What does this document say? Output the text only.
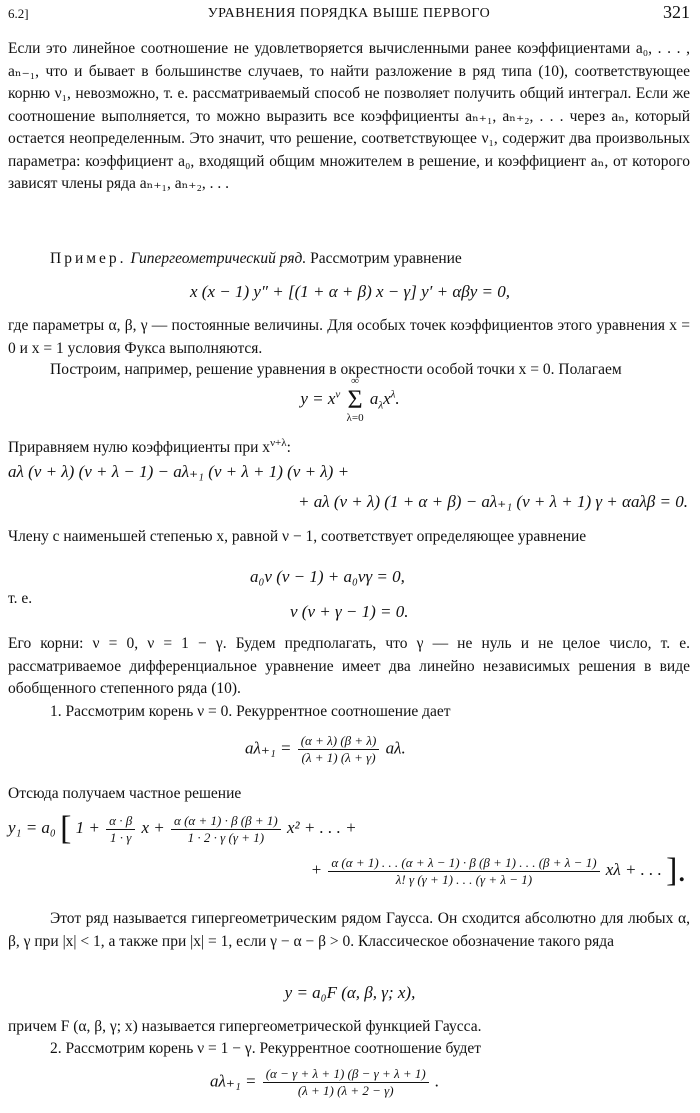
6.2]	УРАВНЕНИЯ ПОРЯДКА ВЫШЕ ПЕРВОГО	321
Если это линейное соотношение не удовлетворяется вычисленными ранее коэффициентами a₀, . . . , aₙ₋₁, что и бывает в большинстве случаев, то найти разложение в ряд типа (10), соответствующее корню ν₁, невозможно, т. е. рассматриваемый способ не позволяет получить общий интеграл. Если же соотношение выполняется, то можно выразить все коэффициенты aₙ₊₁, aₙ₊₂, . . . через aₙ, который остается неопределенным. Это значит, что решение, соответствующее ν₁, содержит два произвольных параметра: коэффициент a₀, входящий общим множителем в решение, и коэффициент aₙ, от которого зависят члены ряда aₙ₊₁, aₙ₊₂, . . .
Пример. Гипергеометрический ряд. Рассмотрим уравнение
x (x − 1) y″ + [(1 + α + β) x − γ] y′ + αβy = 0,
где параметры α, β, γ — постоянные величины. Для особых точек коэффициентов этого уравнения x = 0 и x = 1 условия Фукса выполняются.
Построим, например, решение уравнения в окрестности особой точки x = 0. Полагаем
$y = x^\nu$
∞
Σ
λ=0
$a_\lambda x^\lambda$.
Приравняем нулю коэффициенты при $x^{\nu+\lambda}$:
aλ (ν + λ) (ν + λ − 1) − aλ₊₁ (ν + λ + 1) (ν + λ) +
+ aλ (ν + λ) (1 + α + β) − aλ₊₁ (ν + λ + 1) γ + αaλβ = 0.
Члену с наименьшей степенью x, равной ν − 1, соответствует определяющее уравнение
a₀ν (ν − 1) + a₀νγ = 0,
т. е.
ν (ν + γ − 1) = 0.
Его корни: ν = 0, ν = 1 − γ. Будем предполагать, что γ — не нуль и не целое число, т. е. рассматриваемое дифференциальное уравнение имеет два линейно независимых решения в виде обобщенного степенного ряда (10).
1. Рассмотрим корень ν = 0. Рекуррентное соотношение дает
$a\lambda_{+1} = \frac{(\alpha + \lambda) (\beta + \lambda)}{(\lambda + 1) (\lambda + \gamma)} a\lambda$.
Отсюда получаем частное решение
y₁ = a₀ [ $1 + \frac{\alpha \cdot \beta}{1 \cdot \gamma}$ $x + \frac{\alpha (\alpha + 1) \cdot \beta (\beta + 1)}{1 \cdot 2 \cdot \gamma (\gamma + 1)} x^2$ + . . . +
+ $\frac{\alpha (\alpha + 1) . . . (\alpha + \lambda - 1) \cdot \beta (\beta + 1) . . . (\beta + \lambda - 1)}{\lambda! \gamma (\gamma + 1) . . . (\gamma + \lambda - 1)}$ xλ + . . . ].
Этот ряд называется гипергеометрическим рядом Гаусса. Он сходится абсолютно для любых α, β, γ при |x| < 1, а также при |x| = 1, если γ − α − β > 0. Классическое обозначение такого ряда
y = a₀F (α, β, γ; x),
причем F (α, β, γ; x) называется гипергеометрической функцией Гаусса.
2. Рассмотрим корень ν = 1 − γ. Рекуррентное соотношение будет
$a\lambda_{+1} = \frac{(\alpha - \gamma + \lambda + 1) (\beta - \gamma + \lambda + 1)}{(\lambda + 1) (\lambda + 2 - \gamma)}$ .
